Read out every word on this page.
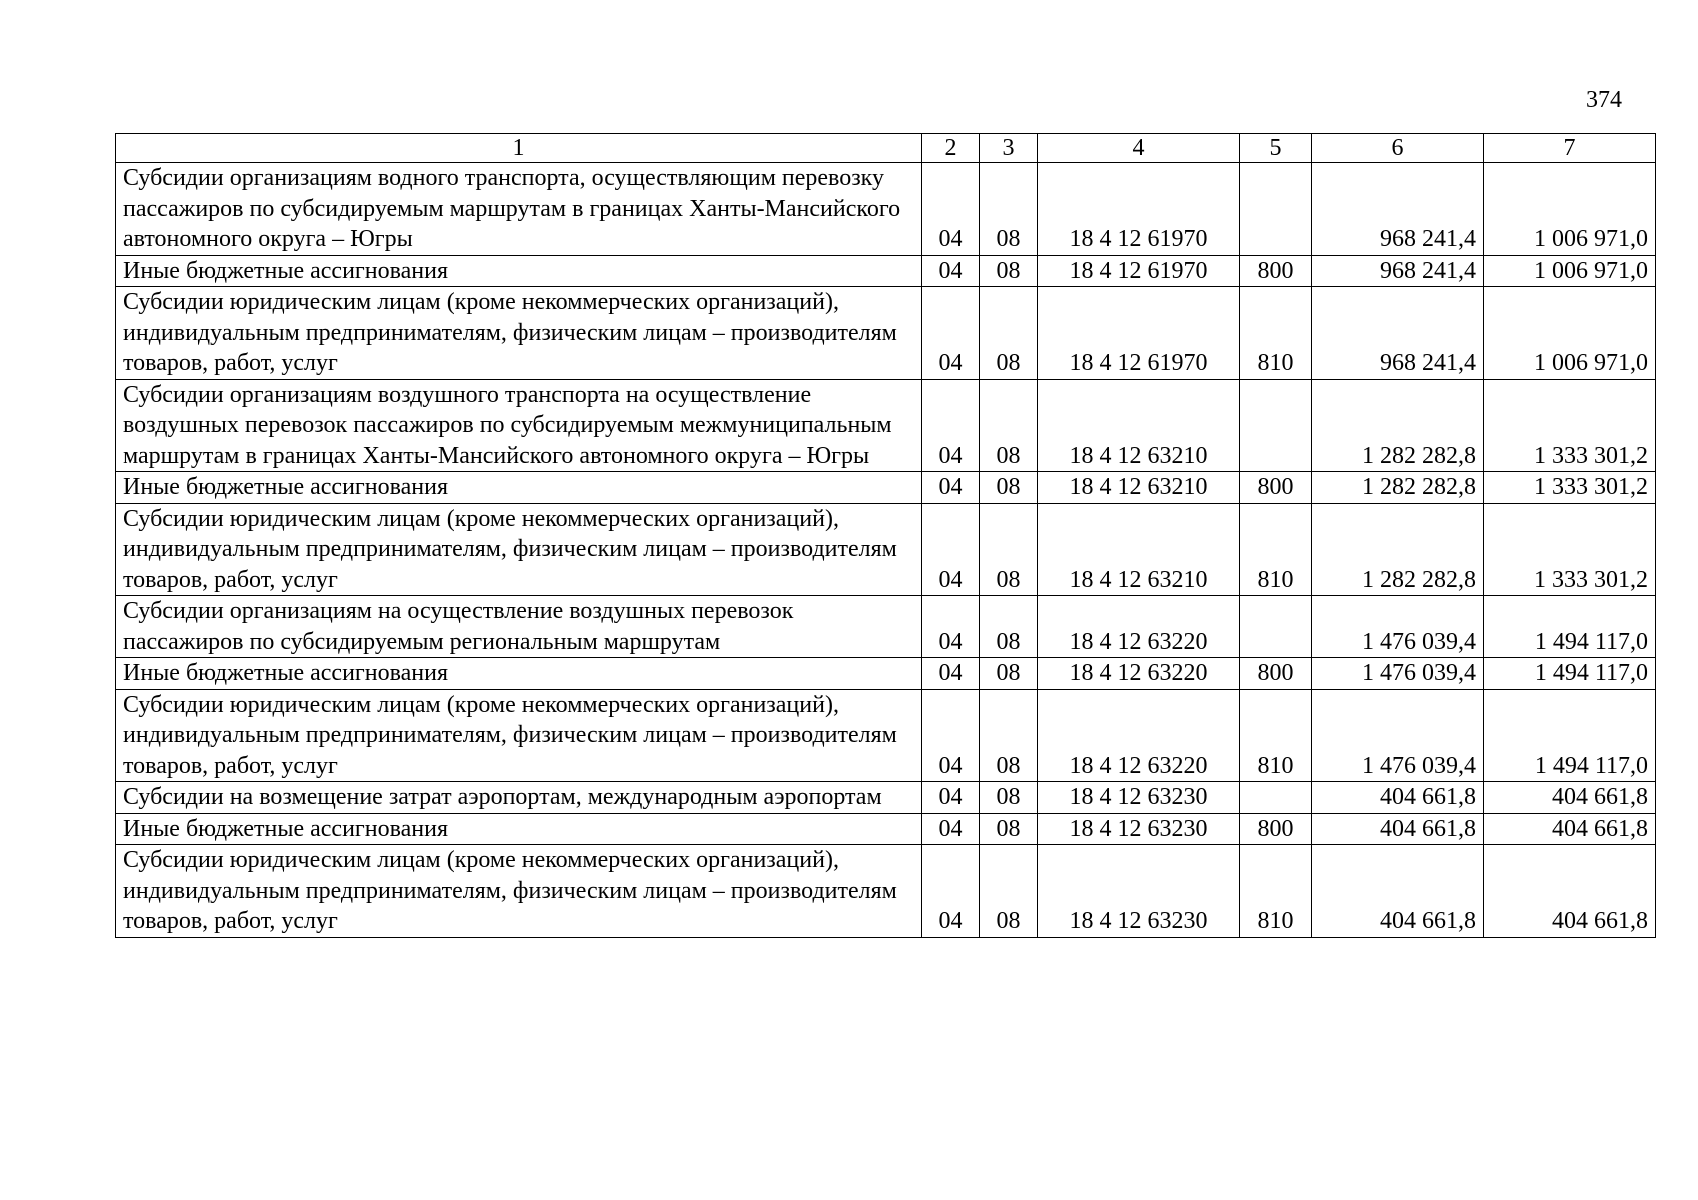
374
1	2	3	4	5	6	7
Субсидии организациям водного транспорта, осуществляющим перевозку пассажиров по субсидируемым маршрутам в границах Ханты-Мансийского автономного округа – Югры	04	08	18 4 12 61970		968 241,4	1 006 971,0
Иные бюджетные ассигнования	04	08	18 4 12 61970	800	968 241,4	1 006 971,0
Субсидии юридическим лицам (кроме некоммерческих организаций), индивидуальным предпринимателям, физическим лицам – производителям товаров, работ, услуг	04	08	18 4 12 61970	810	968 241,4	1 006 971,0
Субсидии организациям воздушного транспорта на осуществление воздушных перевозок пассажиров по субсидируемым межмуниципальным маршрутам в границах Ханты-Мансийского автономного округа – Югры	04	08	18 4 12 63210		1 282 282,8	1 333 301,2
Иные бюджетные ассигнования	04	08	18 4 12 63210	800	1 282 282,8	1 333 301,2
Субсидии юридическим лицам (кроме некоммерческих организаций), индивидуальным предпринимателям, физическим лицам – производителям товаров, работ, услуг	04	08	18 4 12 63210	810	1 282 282,8	1 333 301,2
Субсидии организациям на осуществление воздушных перевозок пассажиров по субсидируемым региональным маршрутам	04	08	18 4 12 63220		1 476 039,4	1 494 117,0
Иные бюджетные ассигнования	04	08	18 4 12 63220	800	1 476 039,4	1 494 117,0
Субсидии юридическим лицам (кроме некоммерческих организаций), индивидуальным предпринимателям, физическим лицам – производителям товаров, работ, услуг	04	08	18 4 12 63220	810	1 476 039,4	1 494 117,0
Субсидии на возмещение затрат аэропортам, международным аэропортам	04	08	18 4 12 63230		404 661,8	404 661,8
Иные бюджетные ассигнования	04	08	18 4 12 63230	800	404 661,8	404 661,8
Субсидии юридическим лицам (кроме некоммерческих организаций), индивидуальным предпринимателям, физическим лицам – производителям товаров, работ, услуг	04	08	18 4 12 63230	810	404 661,8	404 661,8
